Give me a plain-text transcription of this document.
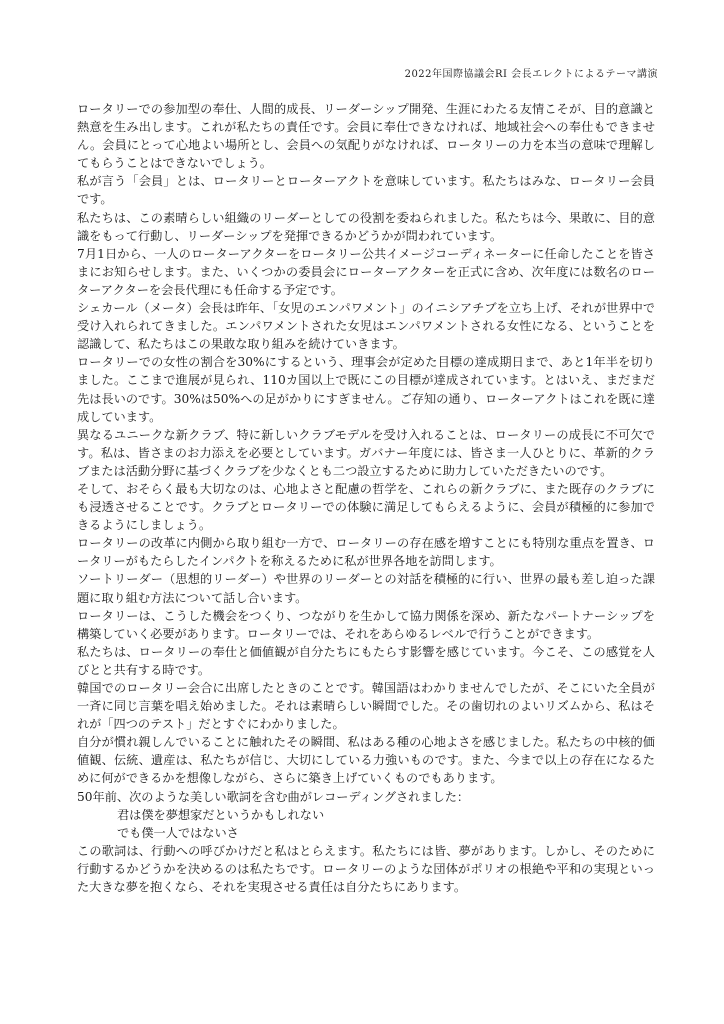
2022年国際協議会RI 会長エレクトによるテーマ講演

ロータリーでの参加型の奉仕、人間的成長、リーダーシップ開発、生涯にわたる友情こそが、目的意識と熱意を生み出します。これが私たちの責任です。会員に奉仕できなければ、地域社会への奉仕もできません。会員にとって心地よい場所とし、会員への気配りがなければ、ロータリーの力を本当の意味で理解してもらうことはできないでしょう。

私が言う「会員」とは、ロータリーとローターアクトを意味しています。私たちはみな、ロータリー会員です。

私たちは、この素晴らしい組織のリーダーとしての役割を委ねられました。私たちは今、果敢に、目的意識をもって行動し、リーダーシップを発揮できるかどうかが問われています。

7月1日から、一人のローターアクターをロータリー公共イメージコーディネーターに任命したことを皆さまにお知らせします。また、いくつかの委員会にローターアクターを正式に含め、次年度には数名のローターアクターを会長代理にも任命する予定です。

シェカール（メータ）会長は昨年、「女児のエンパワメント」のイニシアチブを立ち上げ、それが世界中で受け入れられてきました。エンパワメントされた女児はエンパワメントされる女性になる、ということを認識して、私たちはこの果敢な取り組みを続けていきます。

ロータリーでの女性の割合を30%にするという、理事会が定めた目標の達成期日まで、あと1年半を切りました。ここまで進展が見られ、110カ国以上で既にこの目標が達成されています。とはいえ、まだまだ先は長いのです。30%は50%への足がかりにすぎません。ご存知の通り、ローターアクトはこれを既に達成しています。

異なるユニークな新クラブ、特に新しいクラブモデルを受け入れることは、ロータリーの成長に不可欠です。私は、皆さまのお力添えを必要としています。ガバナー年度には、皆さま一人ひとりに、革新的クラブまたは活動分野に基づくクラブを少なくとも二つ設立するために助力していただきたいのです。

そして、おそらく最も大切なのは、心地よさと配慮の哲学を、これらの新クラブに、また既存のクラブにも浸透させることです。クラブとロータリーでの体験に満足してもらえるように、会員が積極的に参加できるようにしましょう。

ロータリーの改革に内側から取り組む一方で、ロータリーの存在感を増すことにも特別な重点を置き、ロータリーがもたらしたインパクトを称えるために私が世界各地を訪問します。

ソートリーダー（思想的リーダー）や世界のリーダーとの対話を積極的に行い、世界の最も差し迫った課題に取り組む方法について話し合います。

ロータリーは、こうした機会をつくり、つながりを生かして協力関係を深め、新たなパートナーシップを構築していく必要があります。ロータリーでは、それをあらゆるレベルで行うことができます。

私たちは、ロータリーの奉仕と価値観が自分たちにもたらす影響を感じています。今こそ、この感覚を人びとと共有する時です。

韓国でのロータリー会合に出席したときのことです。韓国語はわかりませんでしたが、そこにいた全員が一斉に同じ言葉を唱え始めました。それは素晴らしい瞬間でした。その歯切れのよいリズムから、私はそれが「四つのテスト」だとすぐにわかりました。

自分が慣れ親しんでいることに触れたその瞬間、私はある種の心地よさを感じました。私たちの中核的価値観、伝統、遺産は、私たちが信じ、大切にしている力強いものです。また、今まで以上の存在になるために何ができるかを想像しながら、さらに築き上げていくものでもあります。

50年前、次のような美しい歌詞を含む曲がレコーディングされました：

君は僕を夢想家だというかもしれない

でも僕一人ではないさ

この歌詞は、行動への呼びかけだと私はとらえます。私たちには皆、夢があります。しかし、そのために行動するかどうかを決めるのは私たちです。ロータリーのような団体がポリオの根絶や平和の実現といった大きな夢を抱くなら、それを実現させる責任は自分たちにあります。
